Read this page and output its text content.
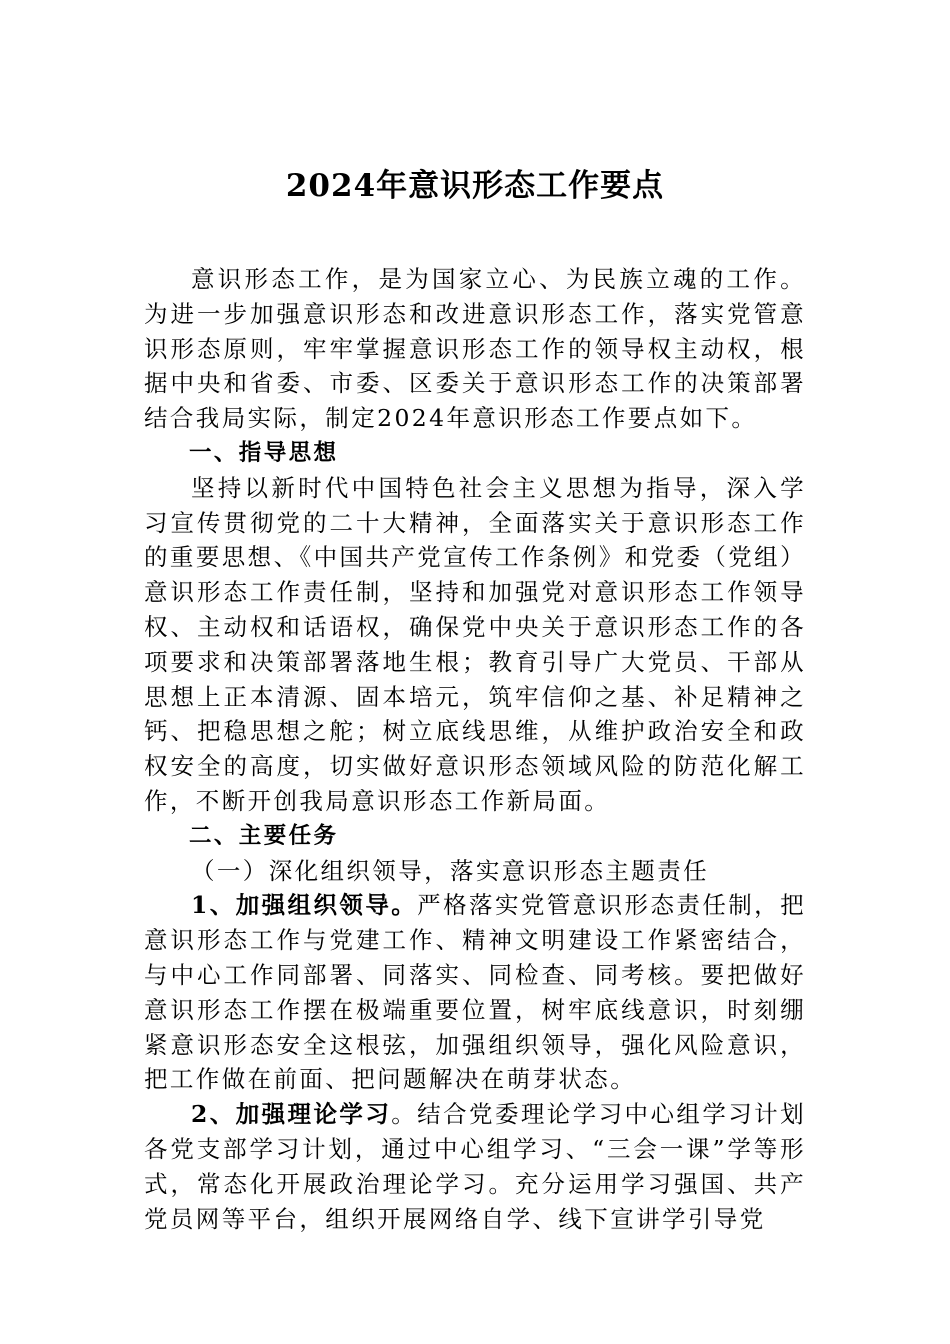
2024年意识形态工作要点

意识形态工作，是为国家立心、为民族立魂的工作。为进一步加强意识形态和改进意识形态工作，落实党管意识形态原则，牢牢掌握意识形态工作的领导权主动权，根据中央和省委、市委、区委关于意识形态工作的决策部署结合我局实际，制定2024年意识形态工作要点如下。

一、指导思想

坚持以新时代中国特色社会主义思想为指导，深入学习宣传贯彻党的二十大精神，全面落实关于意识形态工作的重要思想、《中国共产党宣传工作条例》和党委（党组）意识形态工作责任制，坚持和加强党对意识形态工作领导权、主动权和话语权，确保党中央关于意识形态工作的各项要求和决策部署落地生根；教育引导广大党员、干部从思想上正本清源、固本培元，筑牢信仰之基、补足精神之钙、把稳思想之舵；树立底线思维，从维护政治安全和政权安全的高度，切实做好意识形态领域风险的防范化解工作，不断开创我局意识形态工作新局面。

二、主要任务

（一）深化组织领导，落实意识形态主题责任

1、加强组织领导。严格落实党管意识形态责任制，把意识形态工作与党建工作、精神文明建设工作紧密结合，与中心工作同部署、同落实、同检查、同考核。要把做好意识形态工作摆在极端重要位置，树牢底线意识，时刻绷紧意识形态安全这根弦，加强组织领导，强化风险意识，把工作做在前面、把问题解决在萌芽状态。

2、加强理论学习。结合党委理论学习中心组学习计划各党支部学习计划，通过中心组学习、“三会一课”学等形式，常态化开展政治理论学习。充分运用学习强国、共产党员网等平台，组织开展网络自学、线下宣讲学引导党
